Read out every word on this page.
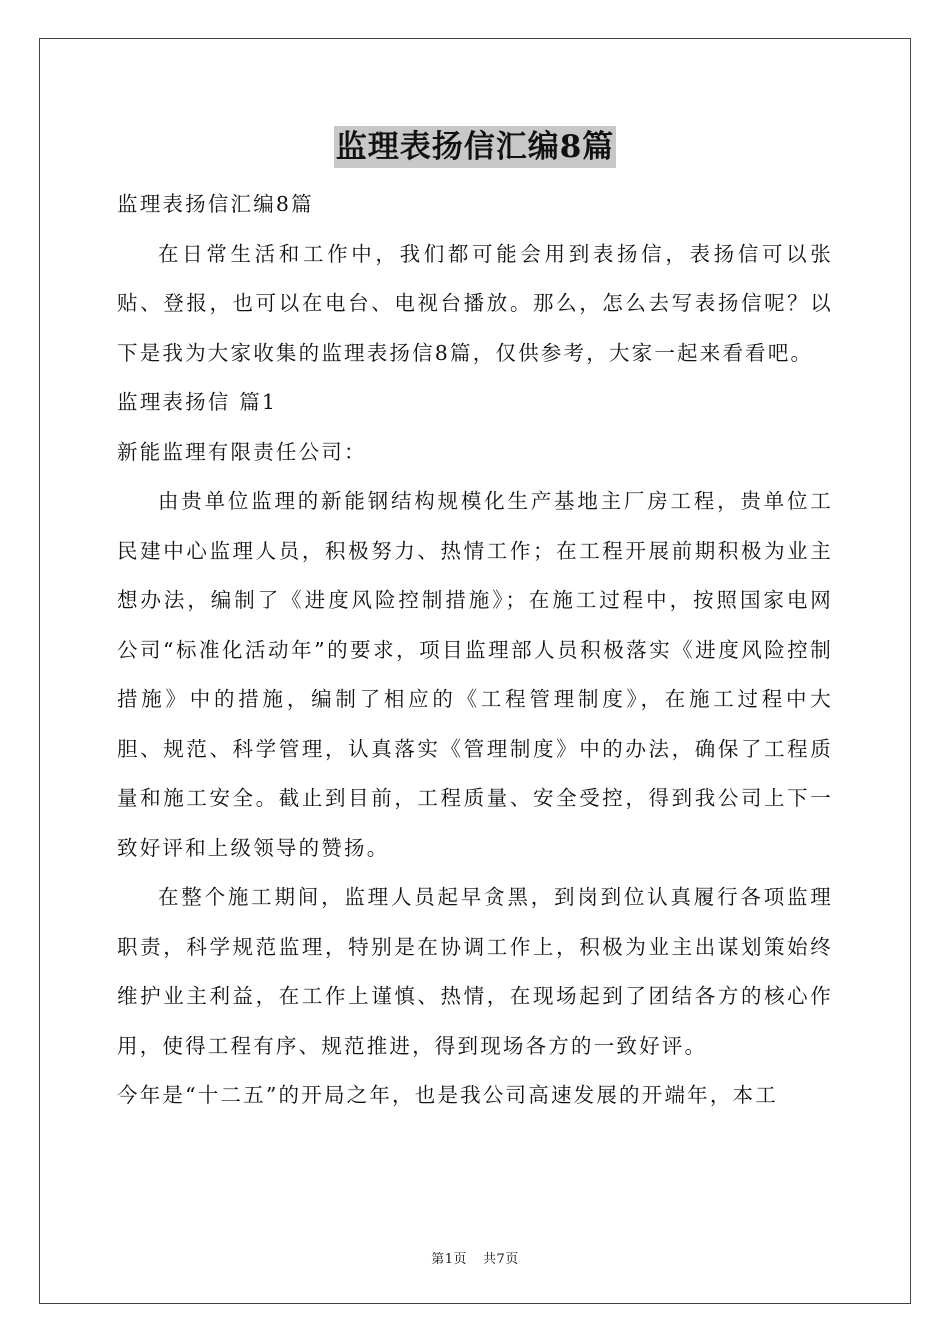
监理表扬信汇编8篇

监理表扬信汇编8篇

在日常生活和工作中，我们都可能会用到表扬信，表扬信可以张贴、登报，也可以在电台、电视台播放。那么，怎么去写表扬信呢？以下是我为大家收集的监理表扬信8篇，仅供参考，大家一起来看看吧。

监理表扬信 篇1

新能监理有限责任公司：

由贵单位监理的新能钢结构规模化生产基地主厂房工程，贵单位工民建中心监理人员，积极努力、热情工作；在工程开展前期积极为业主想办法，编制了《进度风险控制措施》；在施工过程中，按照国家电网公司“标准化活动年”的要求，项目监理部人员积极落实《进度风险控制措施》中的措施，编制了相应的《工程管理制度》，在施工过程中大胆、规范、科学管理，认真落实《管理制度》中的办法，确保了工程质量和施工安全。截止到目前，工程质量、安全受控，得到我公司上下一致好评和上级领导的赞扬。

在整个施工期间，监理人员起早贪黑，到岗到位认真履行各项监理职责，科学规范监理，特别是在协调工作上，积极为业主出谋划策始终维护业主利益，在工作上谨慎、热情，在现场起到了团结各方的核心作用，使得工程有序、规范推进，得到现场各方的一致好评。

今年是“十二五”的开局之年，也是我公司高速发展的开端年，本工

第1页 共7页
